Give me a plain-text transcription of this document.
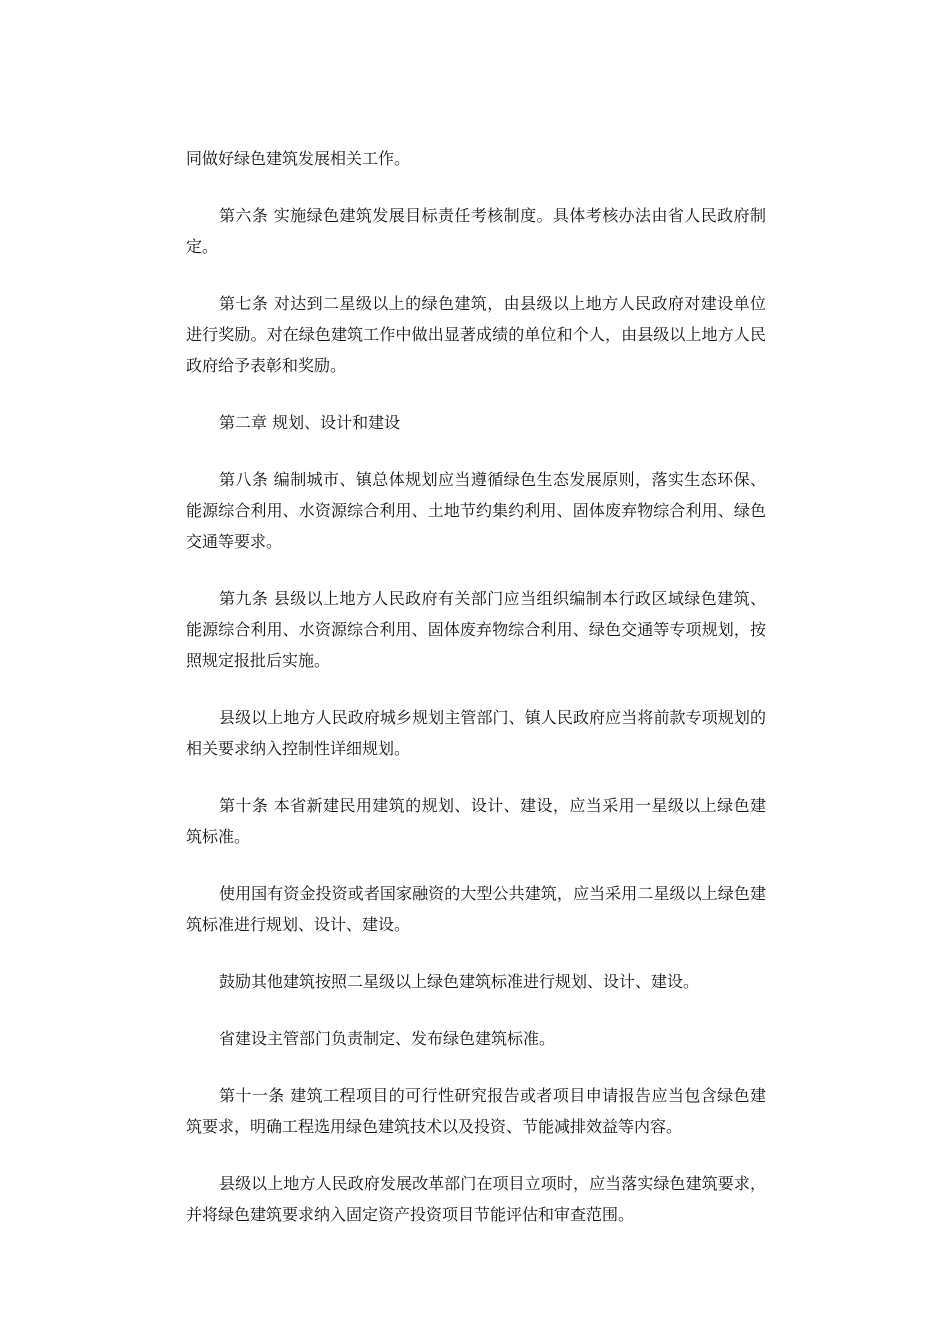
同做好绿色建筑发展相关工作。

第六条 实施绿色建筑发展目标责任考核制度。具体考核办法由省人民政府制定。

第七条 对达到二星级以上的绿色建筑，由县级以上地方人民政府对建设单位进行奖励。对在绿色建筑工作中做出显著成绩的单位和个人，由县级以上地方人民政府给予表彰和奖励。

第二章 规划、设计和建设

第八条 编制城市、镇总体规划应当遵循绿色生态发展原则，落实生态环保、能源综合利用、水资源综合利用、土地节约集约利用、固体废弃物综合利用、绿色交通等要求。

第九条 县级以上地方人民政府有关部门应当组织编制本行政区域绿色建筑、能源综合利用、水资源综合利用、固体废弃物综合利用、绿色交通等专项规划，按照规定报批后实施。

县级以上地方人民政府城乡规划主管部门、镇人民政府应当将前款专项规划的相关要求纳入控制性详细规划。

第十条 本省新建民用建筑的规划、设计、建设，应当采用一星级以上绿色建筑标准。

使用国有资金投资或者国家融资的大型公共建筑，应当采用二星级以上绿色建筑标准进行规划、设计、建设。

鼓励其他建筑按照二星级以上绿色建筑标准进行规划、设计、建设。

省建设主管部门负责制定、发布绿色建筑标准。

第十一条 建筑工程项目的可行性研究报告或者项目申请报告应当包含绿色建筑要求，明确工程选用绿色建筑技术以及投资、节能减排效益等内容。

县级以上地方人民政府发展改革部门在项目立项时，应当落实绿色建筑要求，并将绿色建筑要求纳入固定资产投资项目节能评估和审查范围。
